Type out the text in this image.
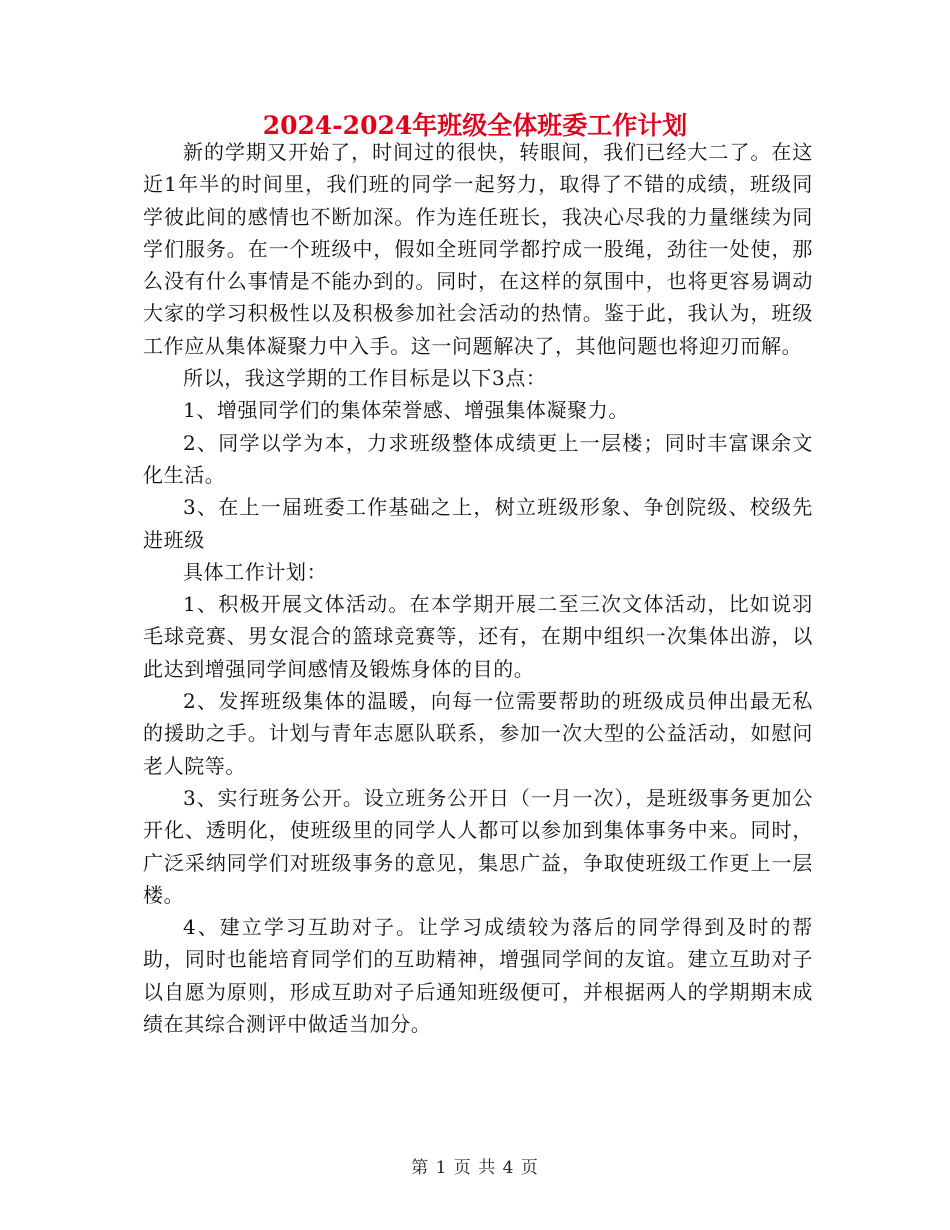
2024-2024年班级全体班委工作计划

新的学期又开始了，时间过的很快，转眼间，我们已经大二了。在这近1年半的时间里，我们班的同学一起努力，取得了不错的成绩，班级同学彼此间的感情也不断加深。作为连任班长，我决心尽我的力量继续为同学们服务。在一个班级中，假如全班同学都拧成一股绳，劲往一处使，那么没有什么事情是不能办到的。同时，在这样的氛围中，也将更容易调动大家的学习积极性以及积极参加社会活动的热情。鉴于此，我认为，班级工作应从集体凝聚力中入手。这一问题解决了，其他问题也将迎刃而解。

所以，我这学期的工作目标是以下3点：

1、增强同学们的集体荣誉感、增强集体凝聚力。

2、同学以学为本，力求班级整体成绩更上一层楼；同时丰富课余文化生活。

3、在上一届班委工作基础之上，树立班级形象、争创院级、校级先进班级

具体工作计划：

1、积极开展文体活动。在本学期开展二至三次文体活动，比如说羽毛球竞赛、男女混合的篮球竞赛等，还有，在期中组织一次集体出游，以此达到增强同学间感情及锻炼身体的目的。

2、发挥班级集体的温暖，向每一位需要帮助的班级成员伸出最无私的援助之手。计划与青年志愿队联系，参加一次大型的公益活动，如慰问老人院等。

3、实行班务公开。设立班务公开日（一月一次），是班级事务更加公开化、透明化，使班级里的同学人人都可以参加到集体事务中来。同时，广泛采纳同学们对班级事务的意见，集思广益，争取使班级工作更上一层楼。

4、建立学习互助对子。让学习成绩较为落后的同学得到及时的帮助，同时也能培育同学们的互助精神，增强同学间的友谊。建立互助对子以自愿为原则，形成互助对子后通知班级便可，并根据两人的学期期末成绩在其综合测评中做适当加分。

第 1 页 共 4 页
